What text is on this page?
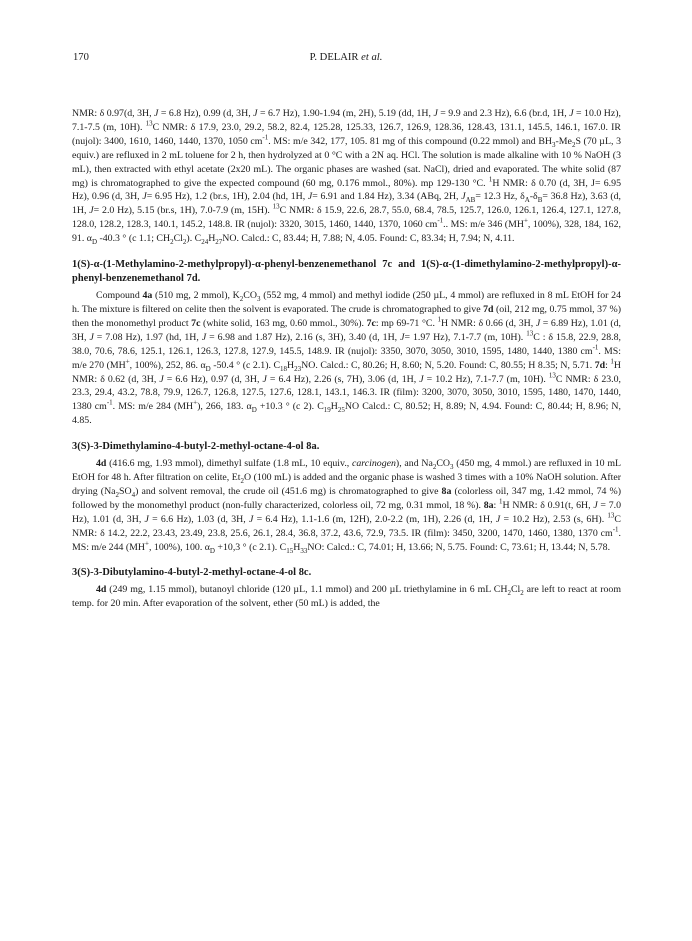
170	P. DELAIR et al.

NMR: δ 0.97(d, 3H, J = 6.8 Hz), 0.99 (d, 3H, J = 6.7 Hz), 1.90-1.94 (m, 2H), 5.19 (dd, 1H, J = 9.9 and 2.3 Hz), 6.6 (br.d, 1H, J = 10.0 Hz), 7.1-7.5 (m, 10H). $^{13}$C NMR: δ 17.9, 23.0, 29.2, 58.2, 82.4, 125.28, 125.33, 126.7, 126.9, 128.36, 128.43, 131.1, 145.5, 146.1, 167.0. IR (nujol): 3400, 1610, 1460, 1440, 1370, 1050 $cm^{-1}$. MS: m/e 342, 177, 105. 81 mg of this compound (0.22 mmol) and $BH_3-Me_2S$ (70 µL, 3 equiv.) are refluxed in 2 mL toluene for 2 h, then hydrolyzed at 0 °C with a 2N aq. HCl. The solution is made alkaline with 10 % NaOH (3 mL), then extracted with ethyl acetate (2x20 mL). The organic phases are washed (sat. NaCl), dried and evaporated. The white solid (87 mg) is chromatographed to give the expected compound (60 mg, 0.176 mmol., 80%). mp 129-130 °C. $^1$H NMR: δ 0.70 (d, 3H, J= 6.95 Hz), 0.96 (d, 3H, J= 6.95 Hz), 1.2 (br.s, 1H), 2.04 (hd, 1H, J= 6.91 and 1.84 Hz), 3.34 (ABq, 2H, $J_{AB}= 12.3$ Hz, $\delta_A-\delta_B= 36.8$ Hz), 3.63 (d, 1H, J= 2.0 Hz), 5.15 (br.s, 1H), 7.0-7.9 (m, 15H). $^{13}$C NMR: δ 15.9, 22.6, 28.7, 55.0, 68.4, 78.5, 125.7, 126.0, 126.1, 126.4, 127.1, 127.8, 128.0, 128.2, 128.3, 140.1, 145.2, 148.8. IR (nujol): 3320, 3015, 1460, 1440, 1370, 1060 $cm^{-1}$.. MS: m/e 346 (MH+, 100%), 328, 184, 162, 91. $\alpha_D$ -40.3 ° (c 1.1; $CH_2Cl_2$). $C_{24}H_{27}NO$. Calcd.: C, 83.44; H, 7.88; N, 4.05. Found: C, 83.34; H, 7.94; N, 4.11.

1(S)-α-(1-Methylamino-2-methylpropyl)-α-phenyl-benzenemethanol 7c and 1(S)-α-(1-dimethylamino-2-methylpropyl)-α-phenyl-benzenemethanol 7d.

Compound 4a (510 mg, 2 mmol), $K_2CO_3$ (552 mg, 4 mmol) and methyl iodide (250 µL, 4 mmol) are refluxed in 8 mL EtOH for 24 h. The mixture is filtered on celite then the solvent is evaporated. The crude is chromatographed to give 7d (oil, 212 mg, 0.75 mmol, 37 %) then the monomethyl product 7c (white solid, 163 mg, 0.60 mmol., 30%). 7c: mp 69-71 °C. $^1$H NMR: δ 0.66 (d, 3H, J = 6.89 Hz), 1.01 (d, 3H, J = 7.08 Hz), 1.97 (hd, 1H, J = 6.98 and 1.87 Hz), 2.16 (s, 3H), 3.40 (d, 1H, J= 1.97 Hz), 7.1-7.7 (m, 10H). $^{13}$C : δ 15.8, 22.9, 28.8, 38.0, 70.6, 78.6, 125.1, 126.1, 126.3, 127.8, 127.9, 145.5, 148.9. IR (nujol): 3350, 3070, 3050, 3010, 1595, 1480, 1440, 1380 $cm^{-1}$. MS: m/e 270 (MH+, 100%), 252, 86. $\alpha_D$ -50.4 ° (c 2.1). $C_{18}H_{23}NO$. Calcd.: C, 80.26; H, 8.60; N, 5.20. Found: C, 80.55; H 8.35; N, 5.71. 7d: $^1$H NMR: δ 0.62 (d, 3H, J = 6.6 Hz), 0.97 (d, 3H, J = 6.4 Hz), 2.26 (s, 7H), 3.06 (d, 1H, J = 10.2 Hz), 7.1-7.7 (m, 10H). $^{13}$C NMR: δ 23.0, 23.3, 29.4, 43.2, 78.8, 79.9, 126.7, 126.8, 127.5, 127.6, 128.1, 143.1, 146.3. IR (film): 3200, 3070, 3050, 3010, 1595, 1480, 1470, 1440, 1380 $cm^{-1}$. MS: m/e 284 (MH+), 266, 183. $\alpha_D +10.3$ ° (c 2). $C_{19}H_{25}NO$ Calcd.: C, 80.52; H, 8.89; N, 4.94. Found: C, 80.44; H, 8.96; N, 4.85.

3(S)-3-Dimethylamino-4-butyl-2-methyl-octane-4-ol 8a.

4d (416.6 mg, 1.93 mmol), dimethyl sulfate (1.8 mL, 10 equiv., carcinogen), and $Na_2CO_3$ (450 mg, 4 mmol.) are refluxed in 10 mL EtOH for 48 h. After filtration on celite, $Et_2O$ (100 mL) is added and the organic phase is washed 3 times with a 10% NaOH solution. After drying $(Na_2SO_4)$ and solvent removal, the crude oil (451.6 mg) is chromatographed to give 8a (colorless oil, 347 mg, 1.42 mmol, 74 %) followed by the monomethyl product (non-fully characterized, colorless oil, 72 mg, 0.31 mmol, 18 %). 8a: $^1$H NMR: δ 0.91(t, 6H, J = 7.0 Hz), 1.01 (d, 3H, J = 6.6 Hz), 1.03 (d, 3H, J = 6.4 Hz), 1.1-1.6 (m, 12H), 2.0-2.2 (m, 1H), 2.26 (d, 1H, J = 10.2 Hz), 2.53 (s, 6H). $^{13}$C NMR: δ 14.2, 22.2, 23.43, 23.49, 23.8, 25.6, 26.1, 28.4, 36.8, 37.2, 43.6, 72.9, 73.5. IR (film): 3450, 3200, 1470, 1460, 1380, 1370 $cm^{-1}$. MS: m/e 244 (MH+, 100%), 100. $\alpha_D +10,3$ ° (c 2.1). $C_{15}H_{33}NO$: Calcd.: C, 74.01; H, 13.66; N, 5.75. Found: C, 73.61; H, 13.44; N, 5.78.

3(S)-3-Dibutylamino-4-butyl-2-methyl-octane-4-ol 8c.

4d (249 mg, 1.15 mmol), butanoyl chloride (120 µL, 1.1 mmol) and 200 µL triethylamine in 6 mL $CH_2Cl_2$ are left to react at room temp. for 20 min. After evaporation of the solvent, ether (50 mL) is added, the
